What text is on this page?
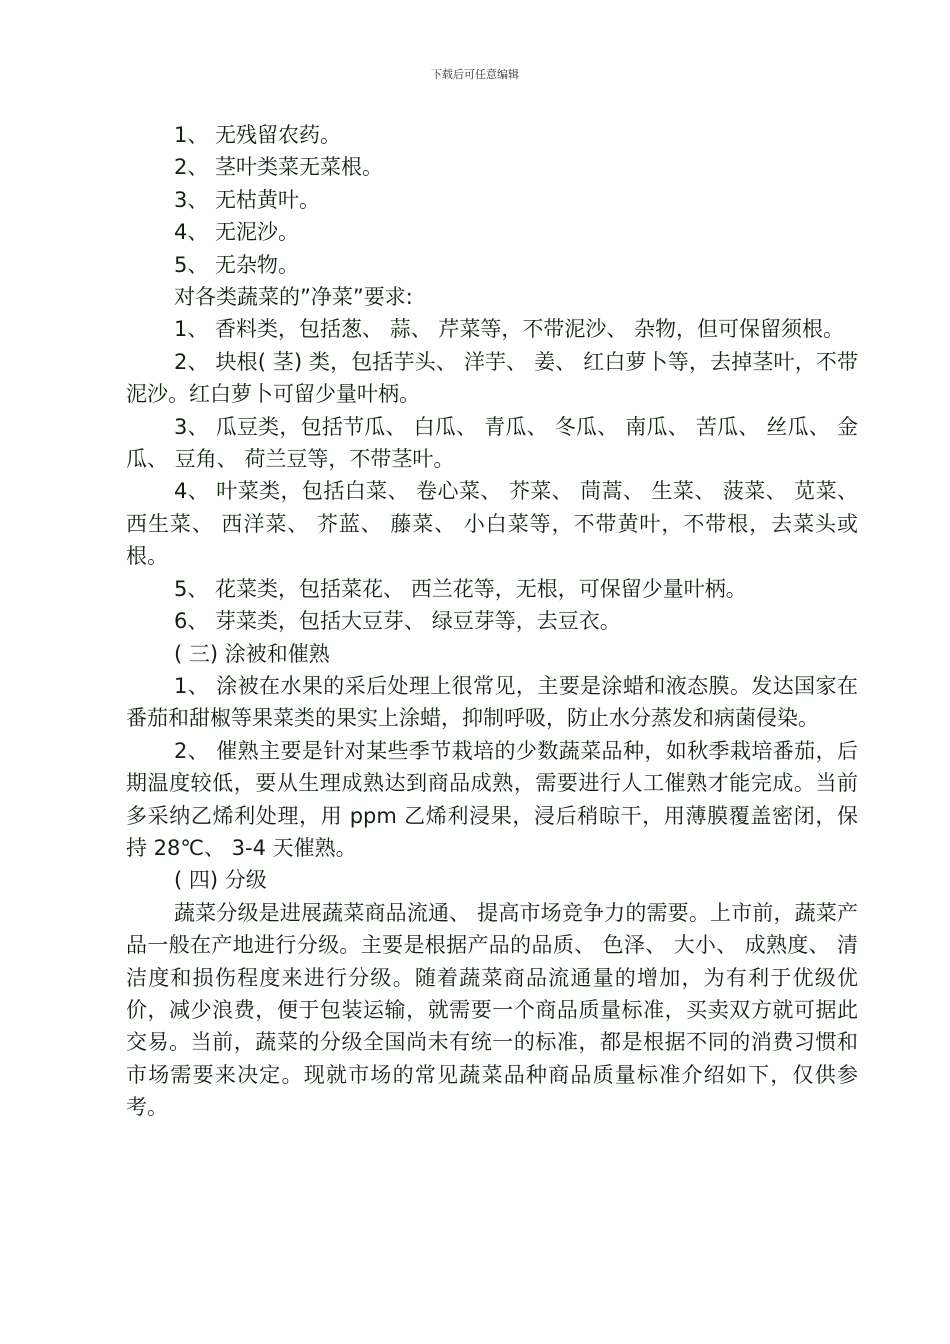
下载后可任意编辑

1、 无残留农药。

2、 茎叶类菜无菜根。

3、 无枯黄叶。

4、 无泥沙。

5、 无杂物。

对各类蔬菜的”净菜”要求:

1、 香料类，包括葱、 蒜、 芹菜等，不带泥沙、 杂物，但可保留须根。

2、 块根( 茎) 类，包括芋头、 洋芋、 姜、 红白萝卜等，去掉茎叶，不带泥沙。红白萝卜可留少量叶柄。

3、 瓜豆类，包括节瓜、 白瓜、 青瓜、 冬瓜、 南瓜、 苦瓜、 丝瓜、 金瓜、 豆角、 荷兰豆等，不带茎叶。

4、 叶菜类，包括白菜、 卷心菜、 芥菜、 茼蒿、 生菜、 菠菜、 苋菜、 西生菜、 西洋菜、 芥蓝、 藤菜、 小白菜等，不带黄叶，不带根，去菜头或根。

5、 花菜类，包括菜花、 西兰花等，无根，可保留少量叶柄。

6、 芽菜类，包括大豆芽、 绿豆芽等，去豆衣。

( 三) 涂被和催熟

1、 涂被在水果的采后处理上很常见，主要是涂蜡和液态膜。发达国家在番茄和甜椒等果菜类的果实上涂蜡，抑制呼吸，防止水分蒸发和病菌侵染。

2、 催熟主要是针对某些季节栽培的少数蔬菜品种，如秋季栽培番茄，后期温度较低，要从生理成熟达到商品成熟，需要进行人工催熟才能完成。当前多采纳乙烯利处理，用 ppm 乙烯利浸果，浸后稍晾干，用薄膜覆盖密闭，保持 28℃、 3-4 天催熟。

( 四) 分级

蔬菜分级是进展蔬菜商品流通、 提高市场竞争力的需要。上市前，蔬菜产品一般在产地进行分级。主要是根据产品的品质、 色泽、 大小、 成熟度、 清洁度和损伤程度来进行分级。随着蔬菜商品流通量的增加，为有利于优级优价，减少浪费，便于包装运输，就需要一个商品质量标准，买卖双方就可据此交易。当前，蔬菜的分级全国尚未有统一的标准，都是根据不同的消费习惯和市场需要来决定。现就市场的常见蔬菜品种商品质量标准介绍如下，仅供参考。
